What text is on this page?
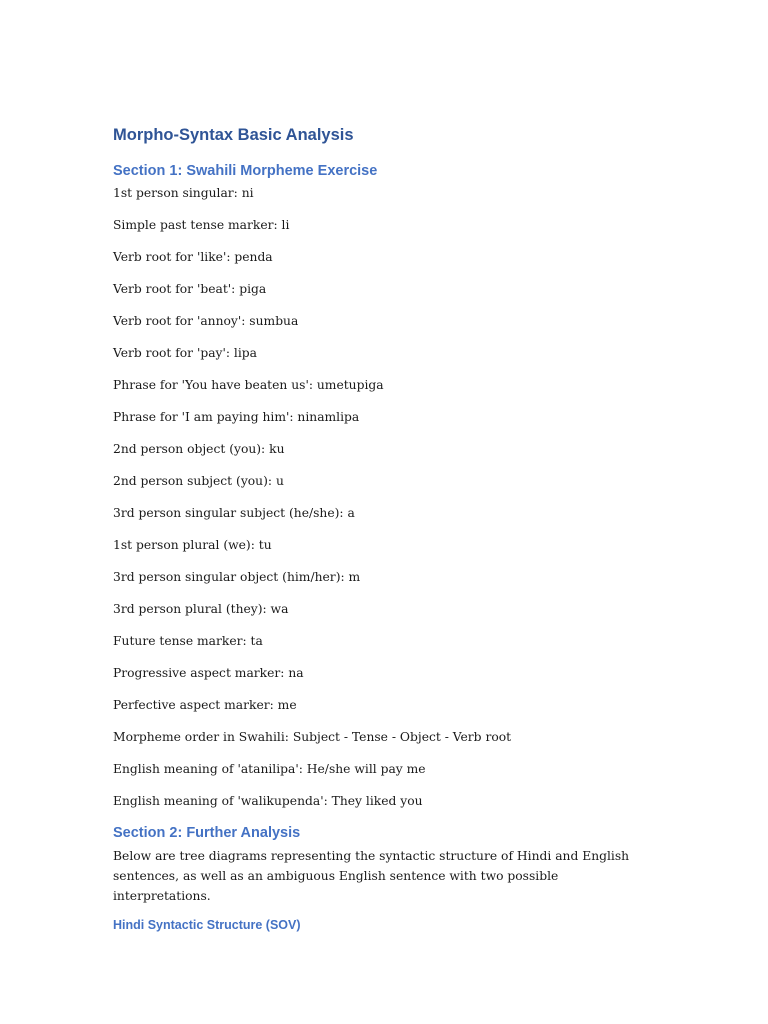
Morpho-Syntax Basic Analysis
Section 1: Swahili Morpheme Exercise
1st person singular: ni
Simple past tense marker: li
Verb root for 'like': penda
Verb root for 'beat': piga
Verb root for 'annoy': sumbua
Verb root for 'pay': lipa
Phrase for 'You have beaten us': umetupiga
Phrase for 'I am paying him': ninamlipa
2nd person object (you): ku
2nd person subject (you): u
3rd person singular subject (he/she): a
1st person plural (we): tu
3rd person singular object (him/her): m
3rd person plural (they): wa
Future tense marker: ta
Progressive aspect marker: na
Perfective aspect marker: me
Morpheme order in Swahili: Subject - Tense - Object - Verb root
English meaning of 'atanilipa': He/she will pay me
English meaning of 'walikupenda': They liked you
Section 2: Further Analysis

Below are tree diagrams representing the syntactic structure of Hindi and English sentences, as well as an ambiguous English sentence with two possible interpretations.

Hindi Syntactic Structure (SOV)
